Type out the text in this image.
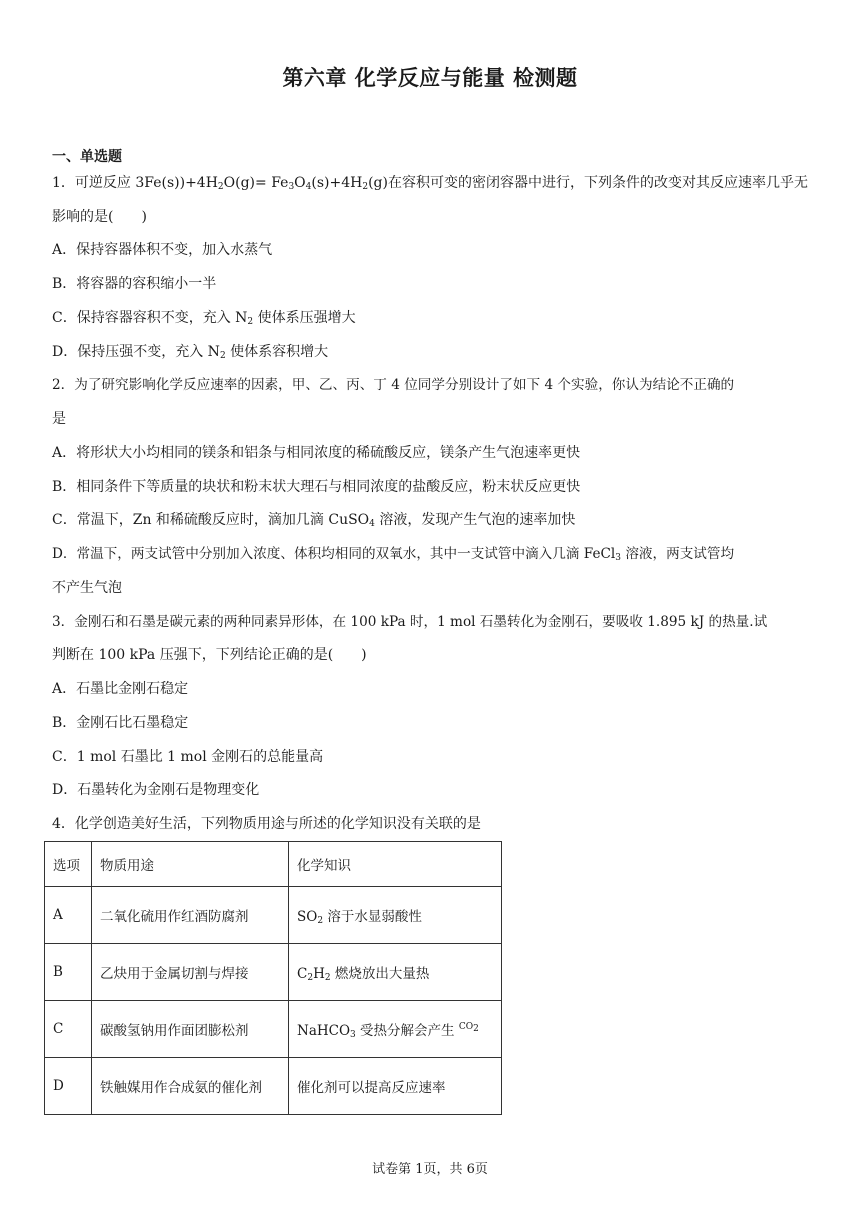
第六章 化学反应与能量 检测题
一、单选题
1．可逆反应 $3Fe(s))+4H_2O(g)= Fe_3O_4(s)+4H_2(g)$在容积可变的密闭容器中进行，下列条件的改变对其反应速率几乎无
影响的是(　　)
A．保持容器体积不变，加入水蒸气
B．将容器的容积缩小一半
C．保持容器容积不变，充入 $N_2$ 使体系压强增大
D．保持压强不变，充入 $N_2$ 使体系容积增大
2．为了研究影响化学反应速率的因素，甲、乙、丙、丁 4 位同学分别设计了如下 4 个实验，你认为结论不正确的
是
A．将形状大小均相同的镁条和铝条与相同浓度的稀硫酸反应，镁条产生气泡速率更快
B．相同条件下等质量的块状和粉末状大理石与相同浓度的盐酸反应，粉末状反应更快
C．常温下，Zn 和稀硫酸反应时，滴加几滴 CuSO$_4$ 溶液，发现产生气泡的速率加快
D．常温下，两支试管中分别加入浓度、体积均相同的双氧水，其中一支试管中滴入几滴 FeCl$_3$ 溶液，两支试管均
不产生气泡
3．金刚石和石墨是碳元素的两种同素异形体，在 100 kPa 时，1 mol 石墨转化为金刚石，要吸收 1.895 kJ 的热量.试
判断在 100 kPa 压强下，下列结论正确的是(　　)
A．石墨比金刚石稳定
B．金刚石比石墨稳定
C．1 mol 石墨比 1 mol 金刚石的总能量高
D．石墨转化为金刚石是物理变化
4．化学创造美好生活，下列物质用途与所述的化学知识没有关联的是
选项	物质用途	化学知识
A	二氧化硫用作红酒防腐剂	$SO_2$ 溶于水显弱酸性
B	乙炔用于金属切割与焊接	$C_2H_2$ 燃烧放出大量热
C	碳酸氢钠用作面团膨松剂	NaHCO$_3$ 受热分解会产生 $^{CO_2}$
D	铁触媒用作合成氨的催化剂	催化剂可以提高反应速率
试卷第 1页，共 6页
